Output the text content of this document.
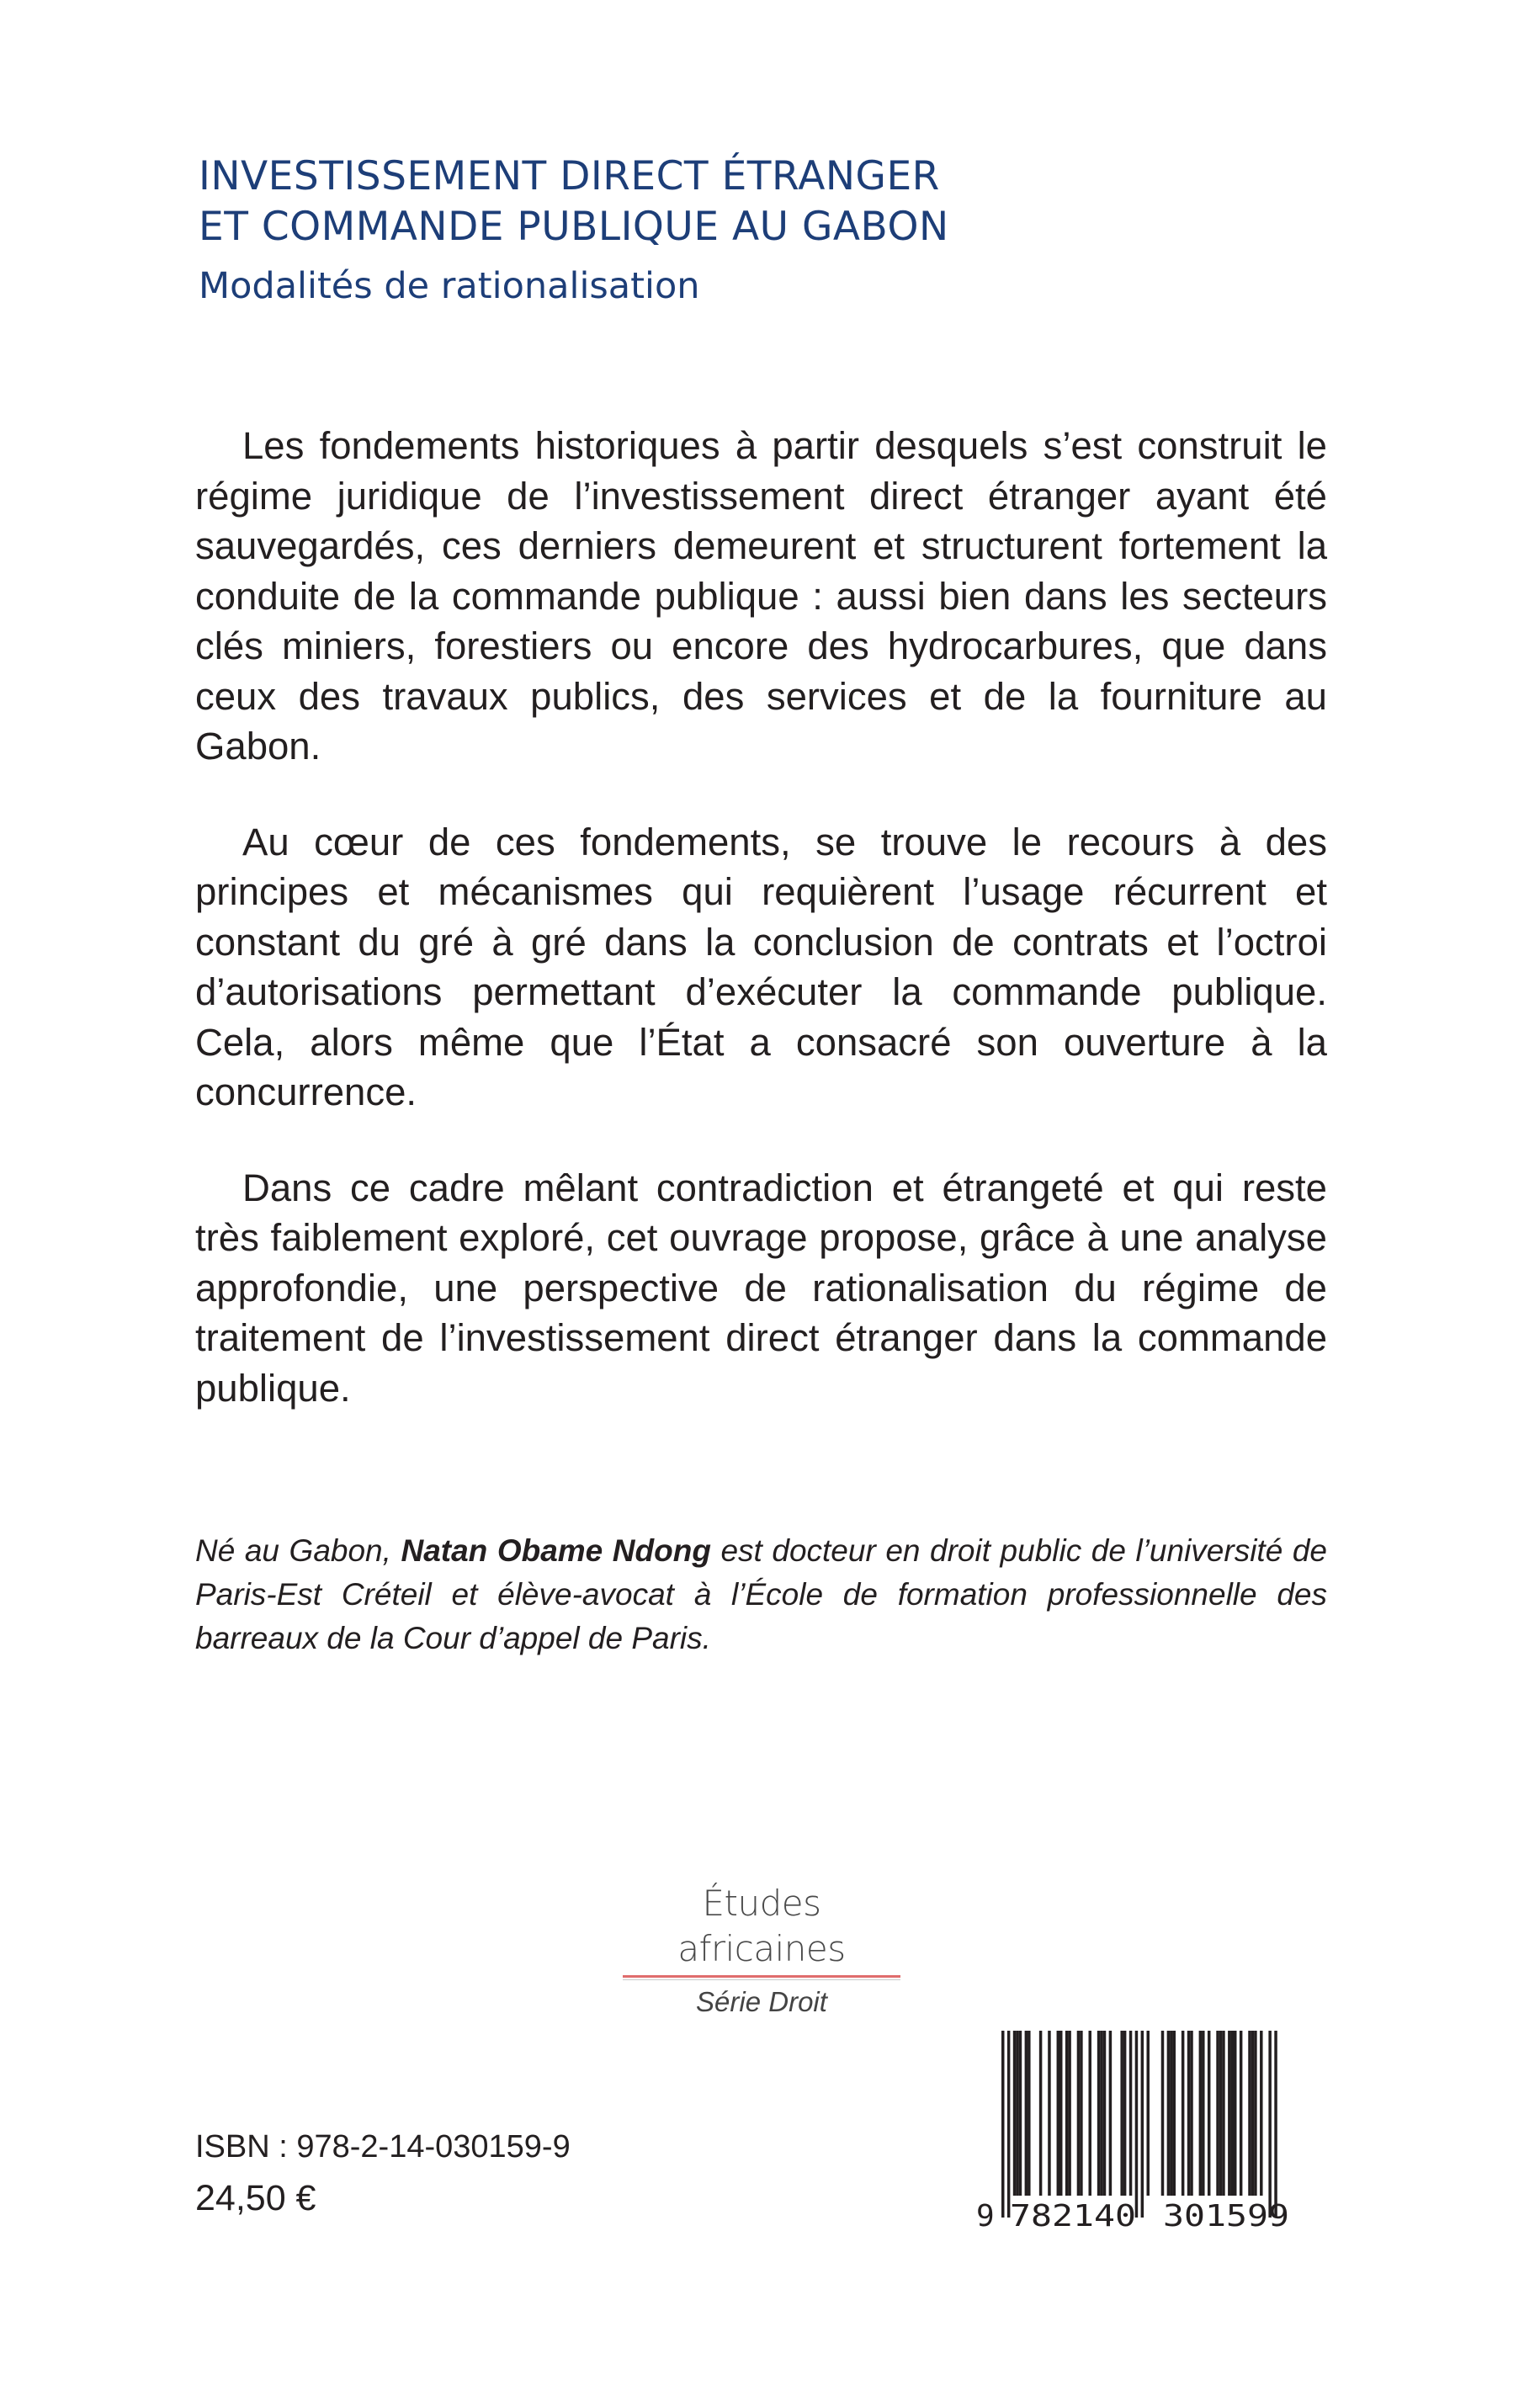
INVESTISSEMENT DIRECT ÉTRANGER
ET COMMANDE PUBLIQUE AU GABON

Modalités de rationalisation

Les fondements historiques à partir desquels s’est construit le régime juridique de l’investissement direct étranger ayant été sauvegardés, ces derniers demeurent et structurent fortement la conduite de la commande publique : aussi bien dans les secteurs clés miniers, forestiers ou encore des hydrocarbures, que dans ceux des travaux publics, des services et de la fourniture au Gabon.

Au cœur de ces fondements, se trouve le recours à des principes et mécanismes qui requièrent l’usage récurrent et constant du gré à gré dans la conclusion de contrats et l’octroi d’autorisations permettant d’exécuter la commande publique. Cela, alors même que l’État a consacré son ouverture à la concurrence.

Dans ce cadre mêlant contradiction et étrangeté et qui reste très faiblement exploré, cet ouvrage propose, grâce à une analyse approfondie, une perspective de rationalisation du régime de traitement de l’investissement direct étranger dans la commande publique.

Né au Gabon, Natan Obame Ndong est docteur en droit public de l’université de Paris-Est Créteil et élève-avocat à l’École de formation professionnelle des barreaux de la Cour d’appel de Paris.

Études africaines
Série Droit
ISBN : 978-2-14-030159-9
24,50 €	9 782140 301599
